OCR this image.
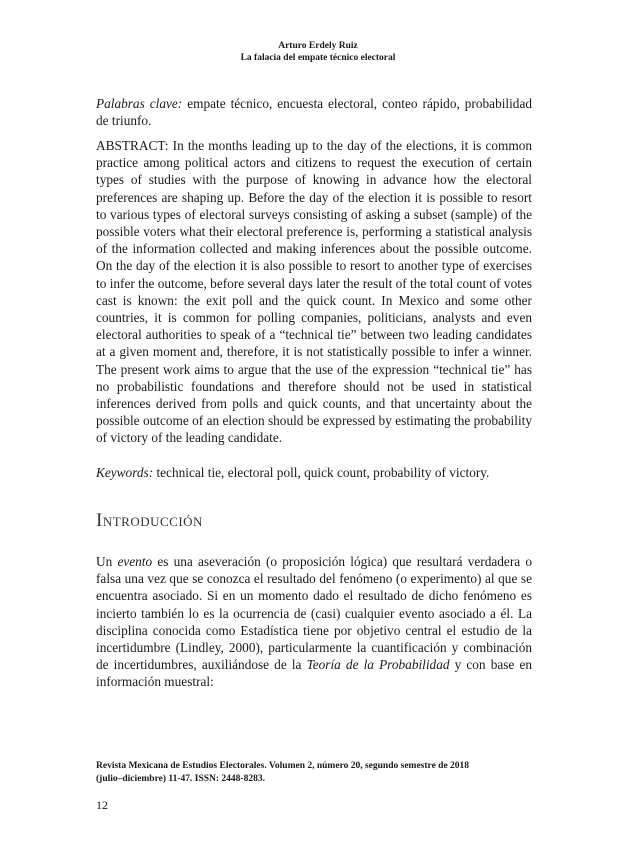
Arturo Erdely Ruiz
La falacia del empate técnico electoral

Palabras clave: empate técnico, encuesta electoral, conteo rápido, probabilidad de triunfo.

ABSTRACT: In the months leading up to the day of the elections, it is common practice among political actors and citizens to request the execution of certain types of studies with the purpose of knowing in advance how the electoral preferences are shaping up. Before the day of the election it is possible to resort to various types of electoral surveys consisting of asking a subset (sample) of the possible voters what their electoral preference is, performing a statistical analysis of the information collected and making inferences about the possible outcome. On the day of the election it is also possible to resort to another type of exercises to infer the outcome, before several days later the result of the total count of votes cast is known: the exit poll and the quick count. In Mexico and some other countries, it is common for polling companies, politicians, analysts and even electoral authorities to speak of a “technical tie” between two leading candidates at a given moment and, therefore, it is not statistically possible to infer a winner. The present work aims to argue that the use of the expression “technical tie” has no probabilistic foundations and therefore should not be used in statistical inferences derived from polls and quick counts, and that uncertainty about the possible outcome of an election should be expressed by estimating the probability of victory of the leading candidate.

Keywords: technical tie, electoral poll, quick count, probability of victory.

Introducción

Un evento es una aseveración (o proposición lógica) que resultará verdadera o falsa una vez que se conozca el resultado del fenómeno (o experimento) al que se encuentra asociado. Si en un momento dado el resultado de dicho fenómeno es incierto también lo es la ocurrencia de (casi) cualquier evento asociado a él. La disciplina conocida como Estadística tiene por objetivo central el estudio de la incertidumbre (Lindley, 2000), particularmente la cuantificación y combinación de incertidumbres, auxiliándose de la Teoría de la Probabilidad y con base en información muestral:

Revista Mexicana de Estudios Electorales. Volumen 2, número 20, segundo semestre de 2018
(julio–diciembre) 11-47. ISSN: 2448-8283.
12
